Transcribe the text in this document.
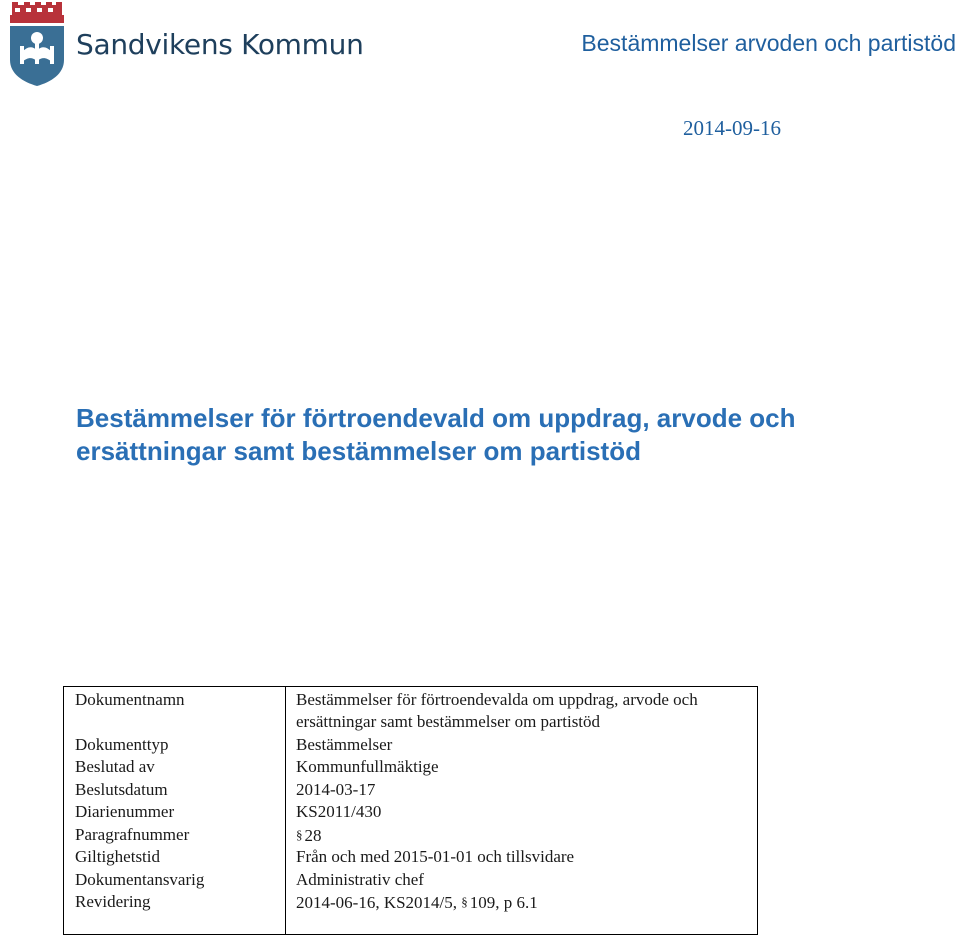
Sandvikens Kommun	Bestämmelser arvoden och partistöd
2014-09-16
Bestämmelser för förtroendevald om uppdrag, arvode och
ersättningar samt bestämmelser om partistöd
Dokumentnamn	Bestämmelser för förtroendevalda om uppdrag, arvode och
ersättningar samt bestämmelser om partistöd
Dokumenttyp	Bestämmelser
Beslutad av	Kommunfullmäktige
Beslutsdatum	2014-03-17
Diarienummer	KS2011/430
Paragrafnummer	§ 28
Giltighetstid	Från och med 2015-01-01 och tillsvidare
Dokumentansvarig	Administrativ chef
Revidering	2014-06-16, KS2014/5, § 109, p 6.1
